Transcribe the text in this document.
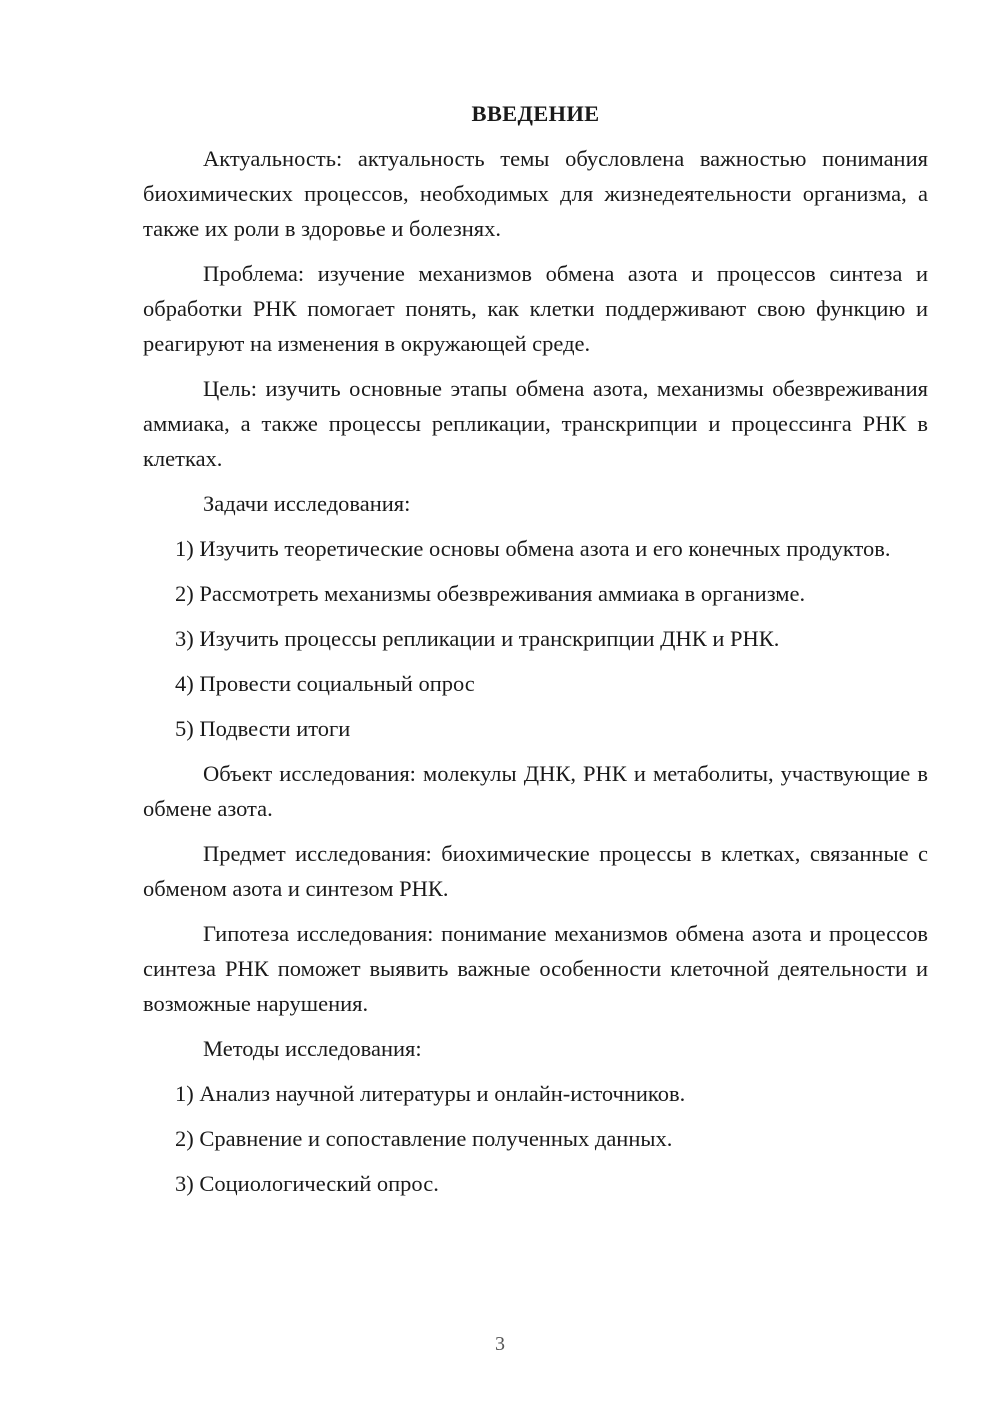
ВВЕДЕНИЕ

Актуальность: актуальность темы обусловлена важностью понимания биохимических процессов, необходимых для жизнедеятельности организма, а также их роли в здоровье и болезнях.

Проблема: изучение механизмов обмена азота и процессов синтеза и обработки РНК помогает понять, как клетки поддерживают свою функцию и реагируют на изменения в окружающей среде.

Цель: изучить основные этапы обмена азота, механизмы обезвреживания аммиака, а также процессы репликации, транскрипции и процессинга РНК в клетках.

Задачи исследования:

1) Изучить теоретические основы обмена азота и его конечных продуктов.

2) Рассмотреть механизмы обезвреживания аммиака в организме.

3) Изучить процессы репликации и транскрипции ДНК и РНК.

4) Провести социальный опрос

5) Подвести итоги

Объект исследования: молекулы ДНК, РНК и метаболиты, участвующие в обмене азота.

Предмет исследования: биохимические процессы в клетках, связанные с обменом азота и синтезом РНК.

Гипотеза исследования: понимание механизмов обмена азота и процессов синтеза РНК поможет выявить важные особенности клеточной деятельности и возможные нарушения.

Методы исследования:

1) Анализ научной литературы и онлайн-источников.

2) Сравнение и сопоставление полученных данных.

3) Социологический опрос.

3
